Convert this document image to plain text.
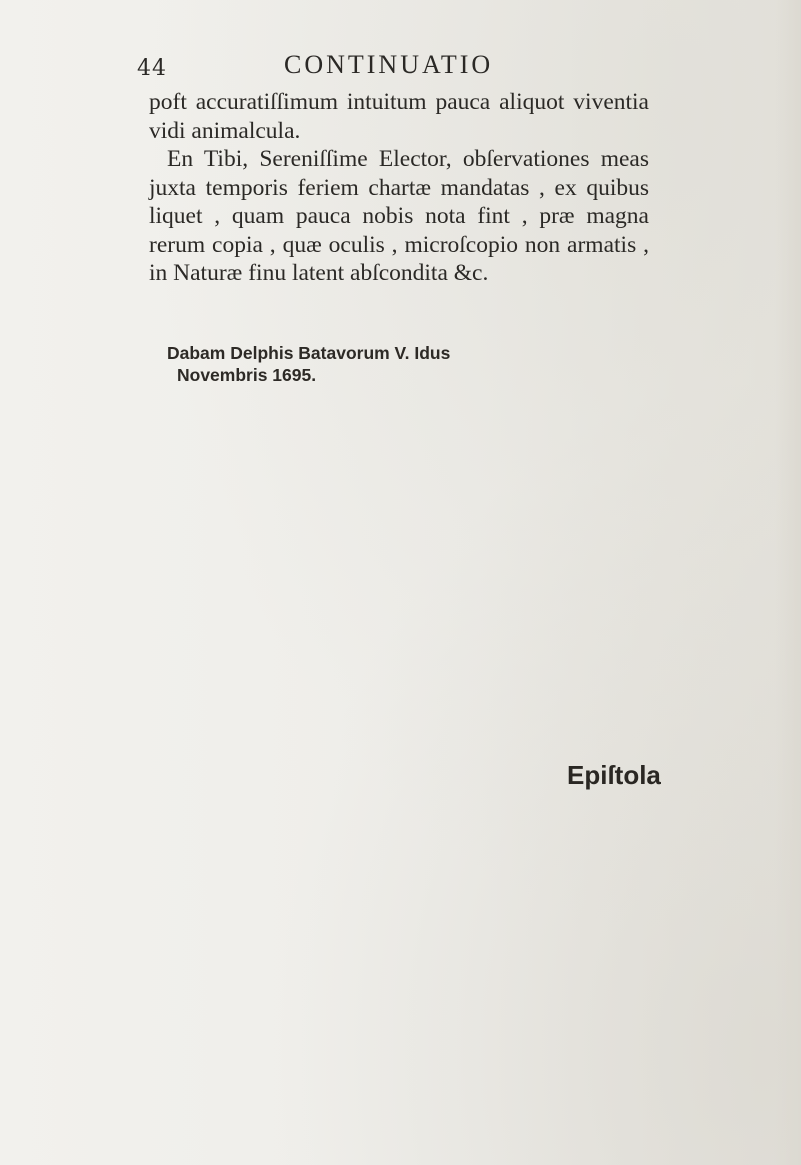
44	CONTINUATIO
poft accuratiſſimum intuitum pauca aliquot viventia
vidi animalcula.
En Tibi, Sereniſſime Elector, obſervationes meas
juxta temporis feriem chartæ mandatas , ex quibus
liquet , quam pauca nobis nota fint , præ magna
rerum copia , quæ oculis , microſcopio non armatis ,
in Naturæ finu latent abſcondita &c.
Dabam Delphis Batavorum V. Idus
Novembris 1695.
Epiſtola
